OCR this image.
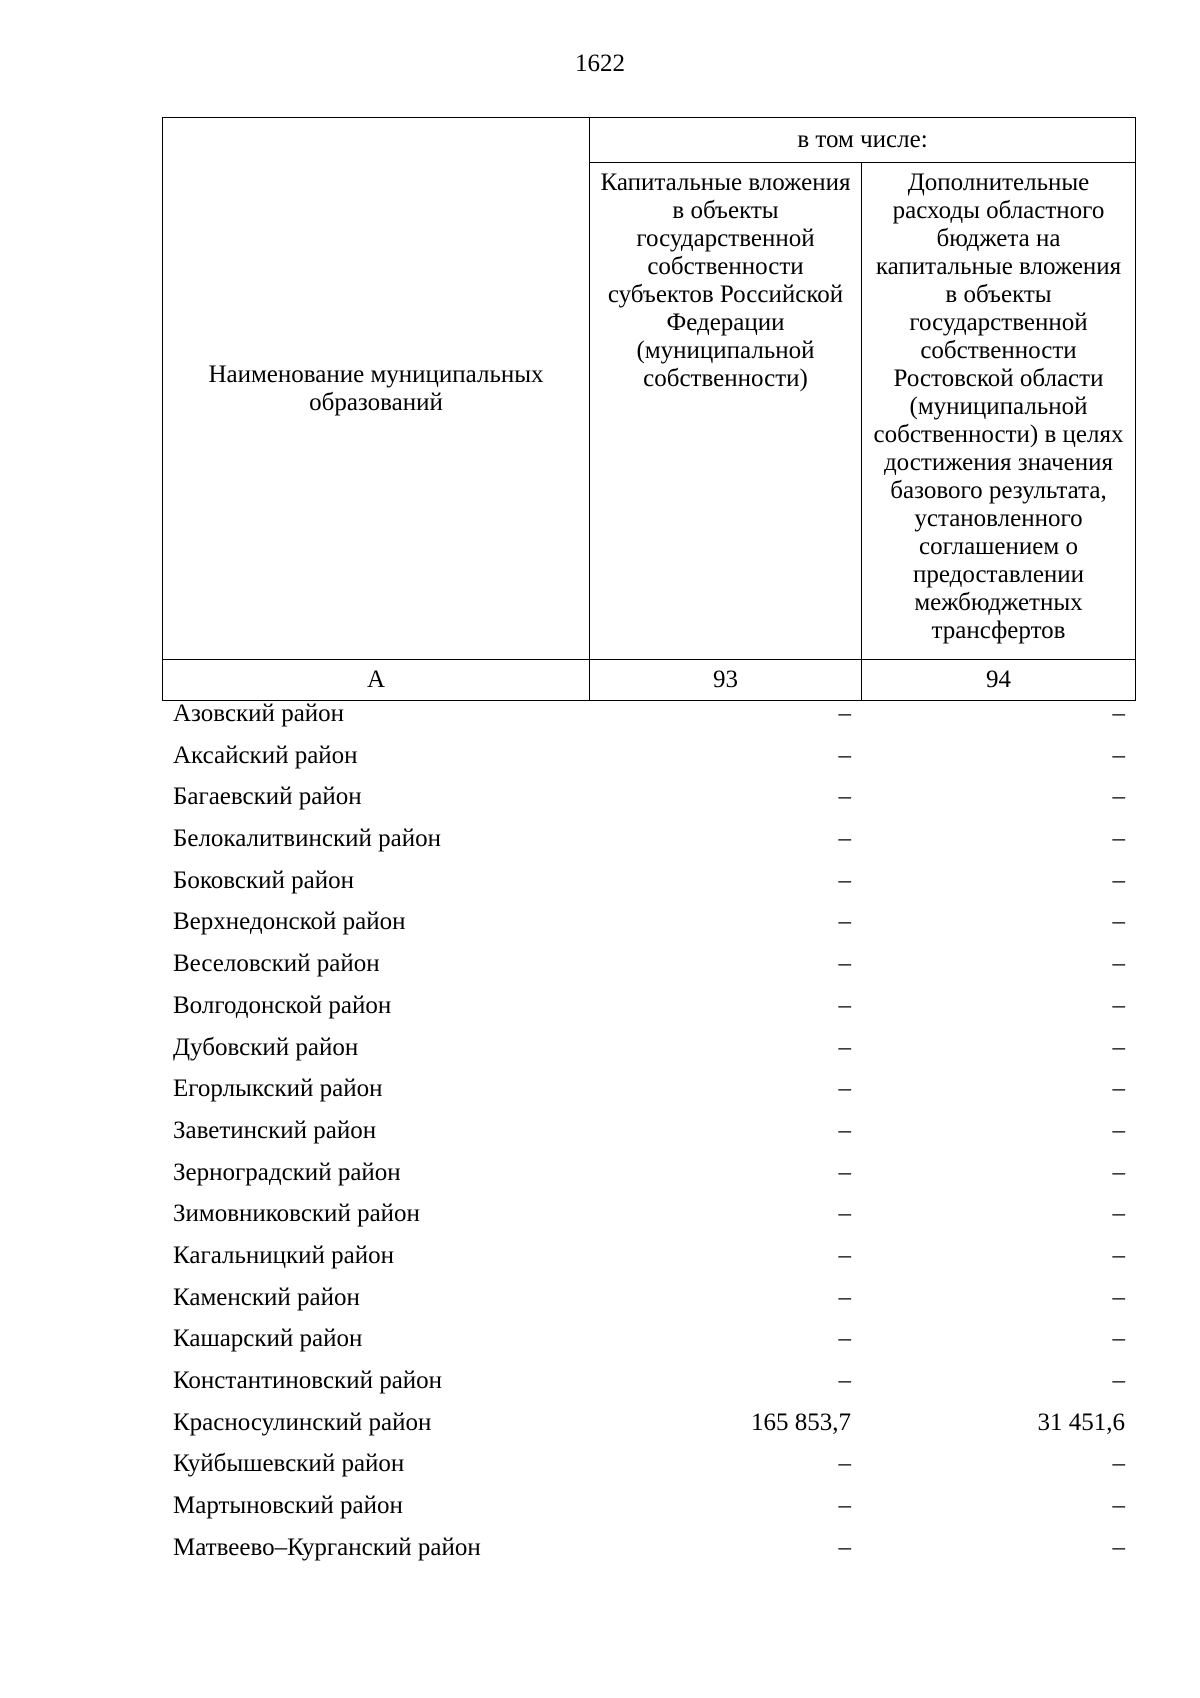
1622
Наименование муниципальных образований	в том числе:	
	Капитальные вложения в объекты государственной собственности субъектов Российской Федерации (муниципальной собственности)	Дополнительные расходы областного бюджета на капитальные вложения в объекты государственной собственности Ростовской области (муниципальной собственности) в целях достижения значения базового результата, установленного соглашением о предоставлении межбюджетных трансфертов
А	93	94
Азовский район	–	–
Аксайский район	–	–
Багаевский район	–	–
Белокалитвинский район	–	–
Боковский район	–	–
Верхнедонской район	–	–
Веселовский район	–	–
Волгодонской район	–	–
Дубовский район	–	–
Егорлыкский район	–	–
Заветинский район	–	–
Зерноградский район	–	–
Зимовниковский район	–	–
Кагальницкий район	–	–
Каменский район	–	–
Кашарский район	–	–
Константиновский район	–	–
Красносулинский район	165 853,7	31 451,6
Куйбышевский район	–	–
Мартыновский район	–	–
Матвеево–Курганский район	–	–
